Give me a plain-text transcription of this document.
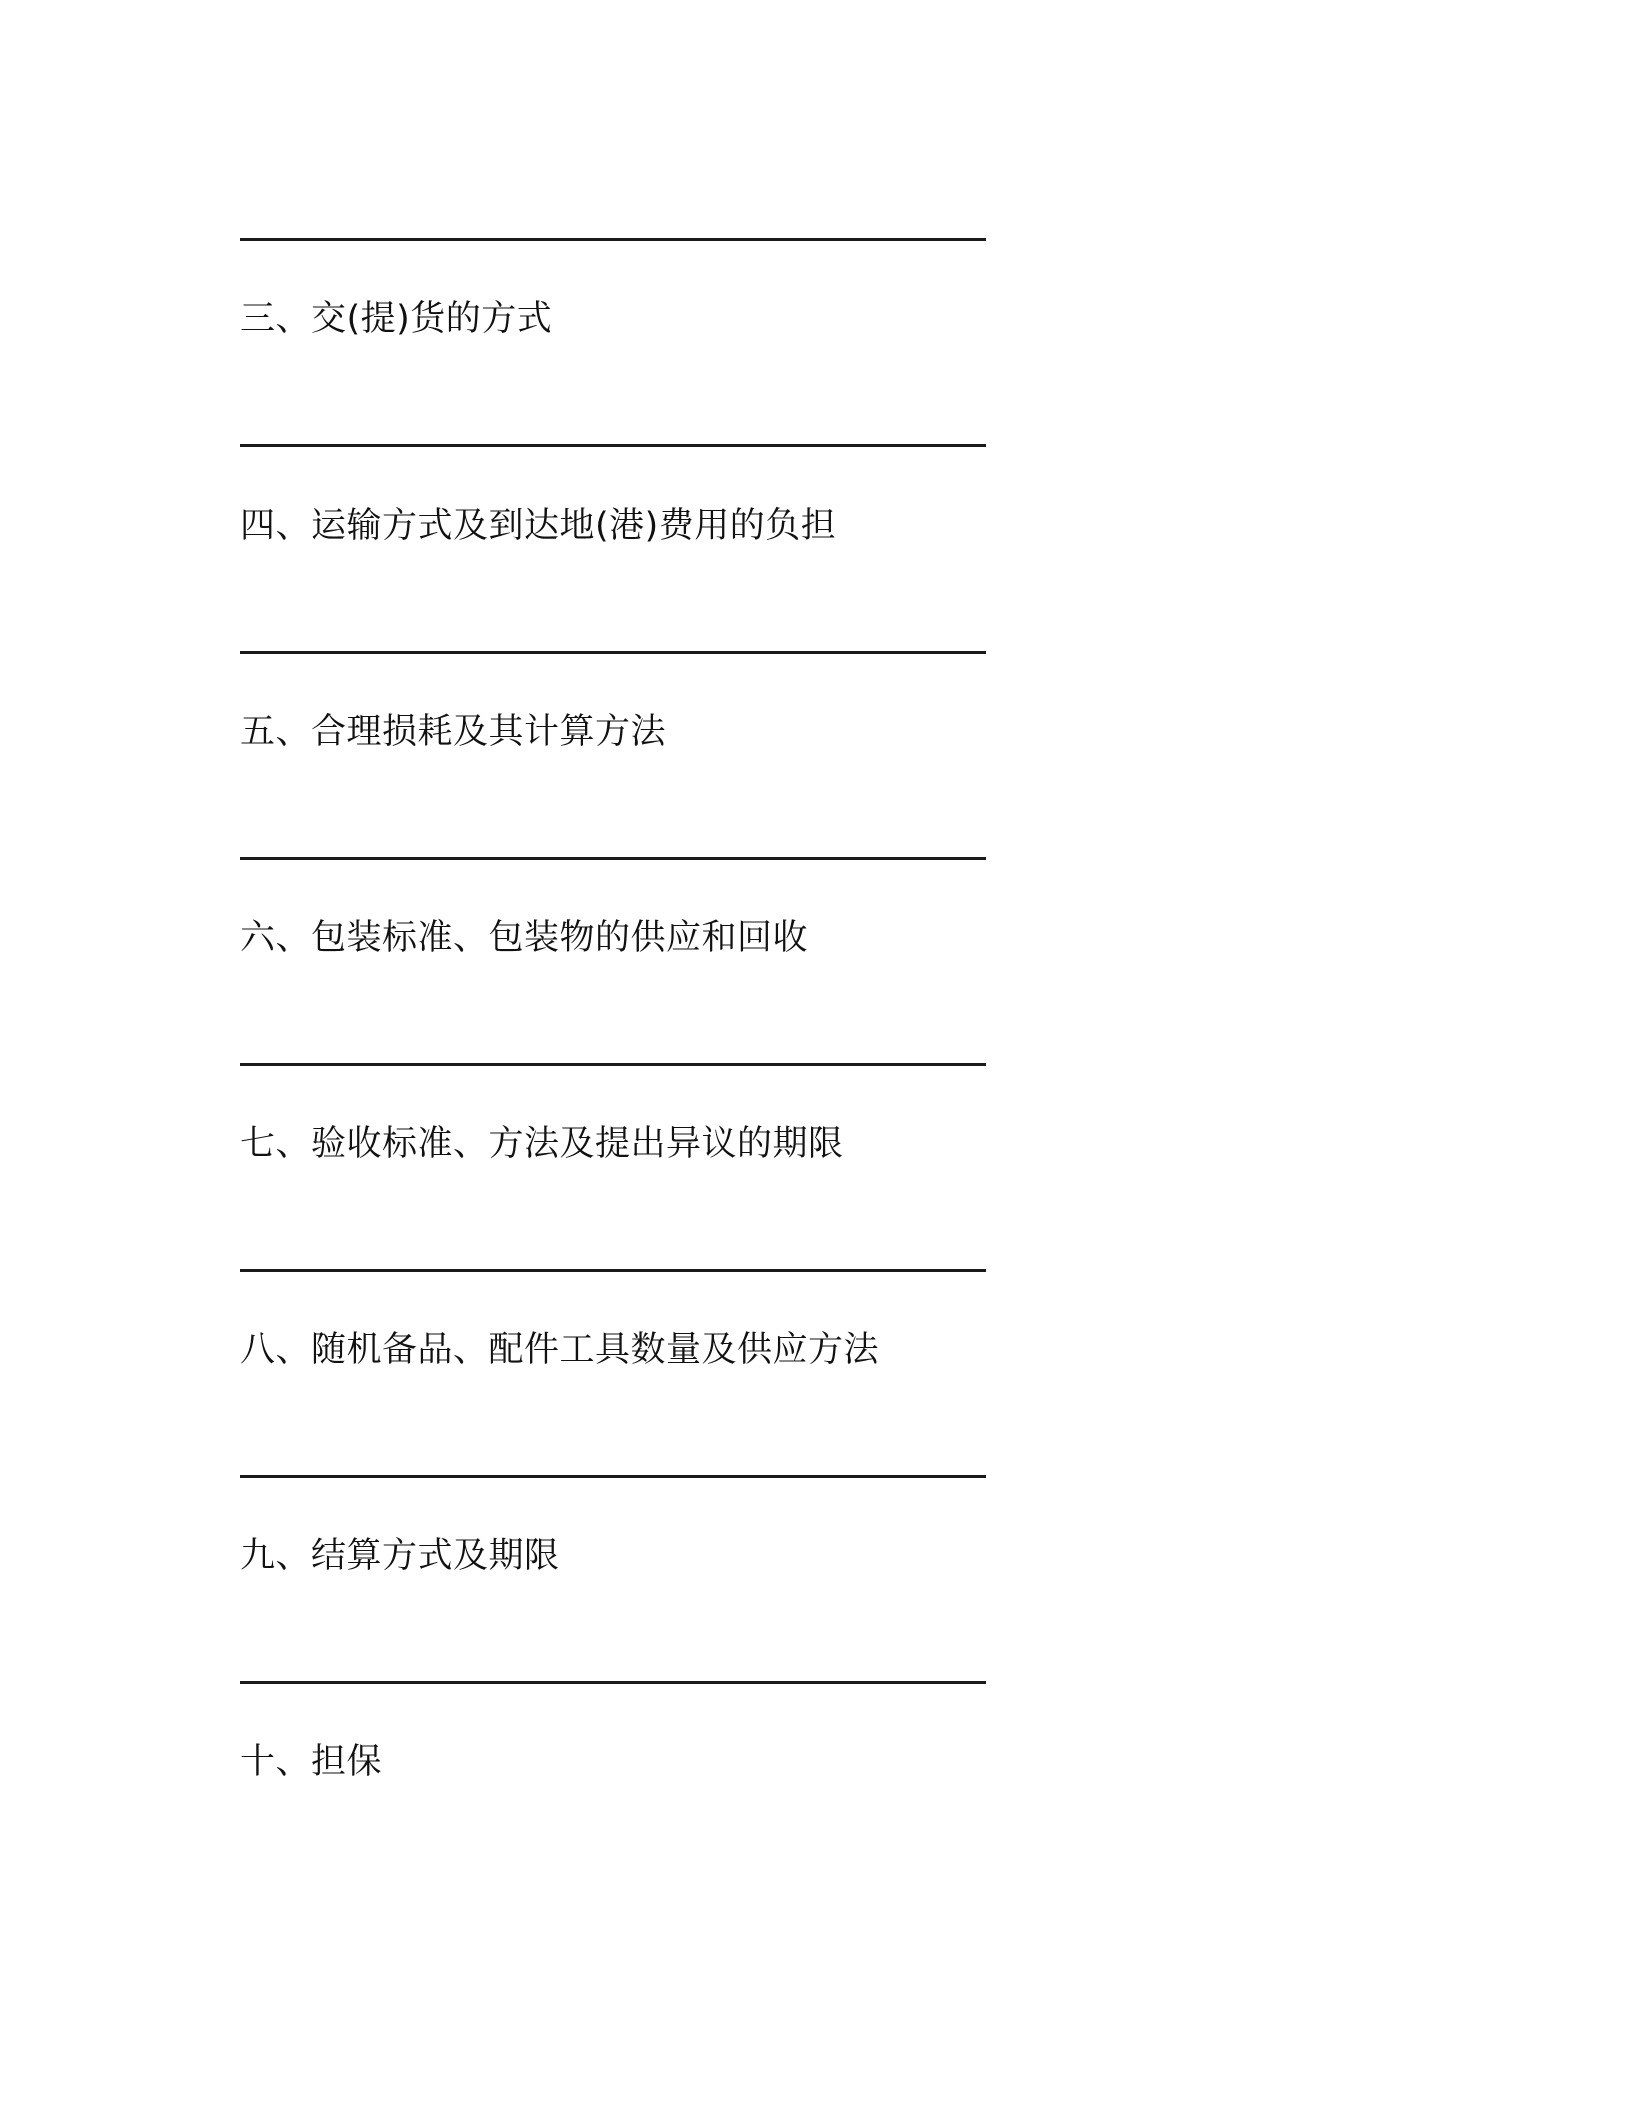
三、交(提)货的方式
四、运输方式及到达地(港)费用的负担
五、合理损耗及其计算方法
六、包装标准、包装物的供应和回收
七、验收标准、方法及提出异议的期限
八、随机备品、配件工具数量及供应方法
九、结算方式及期限
十、担保
